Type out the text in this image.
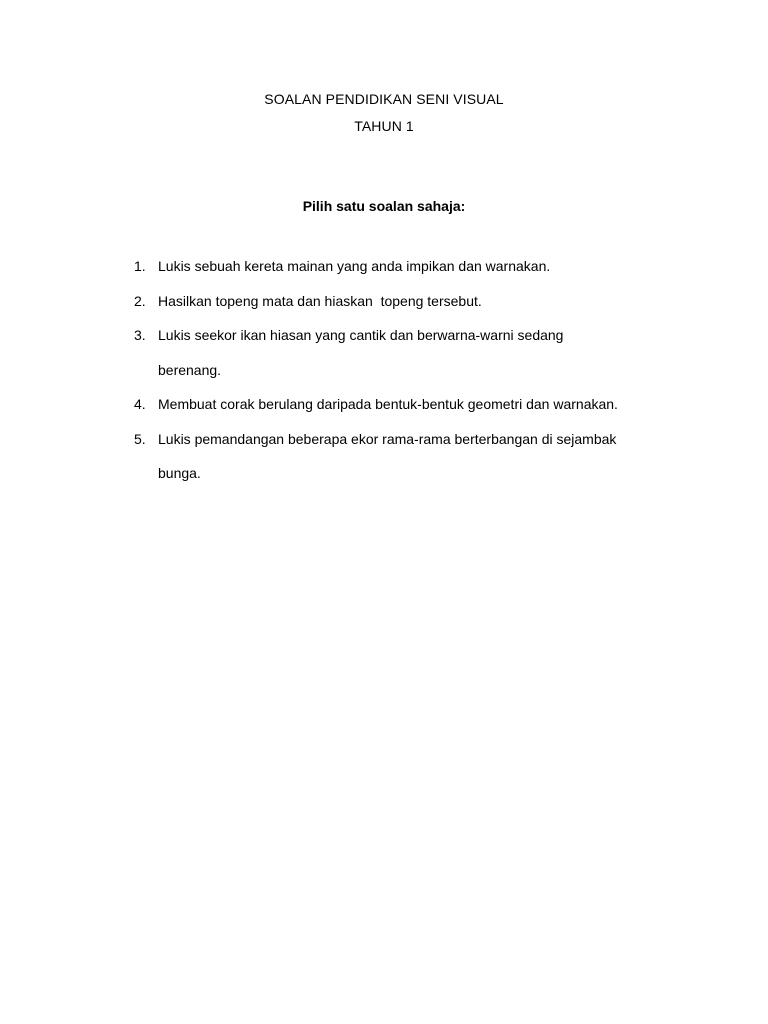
SOALAN PENDIDIKAN SENI VISUAL
TAHUN 1
Pilih satu soalan sahaja:
1. Lukis sebuah kereta mainan yang anda impikan dan warnakan.
2. Hasilkan topeng mata dan hiaskan  topeng tersebut.
3. Lukis seekor ikan hiasan yang cantik dan berwarna-warni sedang berenang.
4. Membuat corak berulang daripada bentuk-bentuk geometri dan warnakan.
5. Lukis pemandangan beberapa ekor rama-rama berterbangan di sejambak bunga.
